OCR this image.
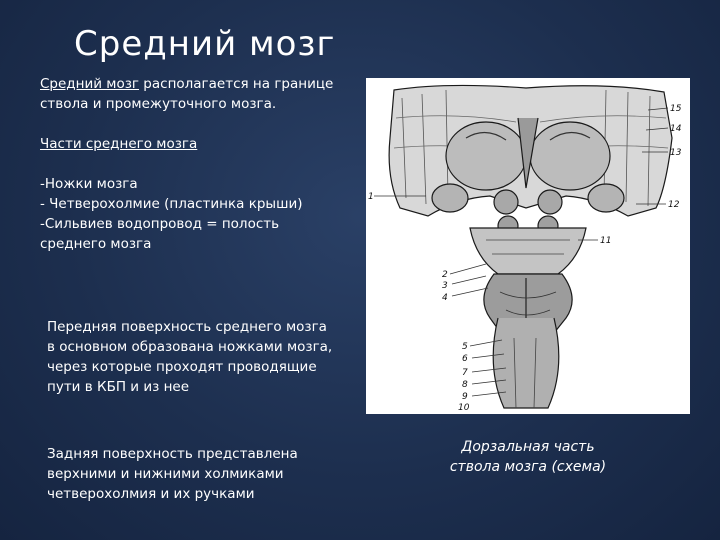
Средний мозг

Средний мозг располагается на границе ствола и промежуточного мозга.

Части среднего мозга

-Ножки мозга

- Четверохолмие (пластинка крыши)

-Сильвиев водопровод = полость среднего мозга

Передняя поверхность среднего мозга в основном образована ножками мозга, через которые проходят проводящие пути в КБП и из нее
Задняя поверхность представлена верхними и нижними холмиками четверохолмия и их ручками
1
2
3
4
5
6
7
8
9
10
11
12
13
14
15
Дорзальная часть
ствола мозга (схема)
